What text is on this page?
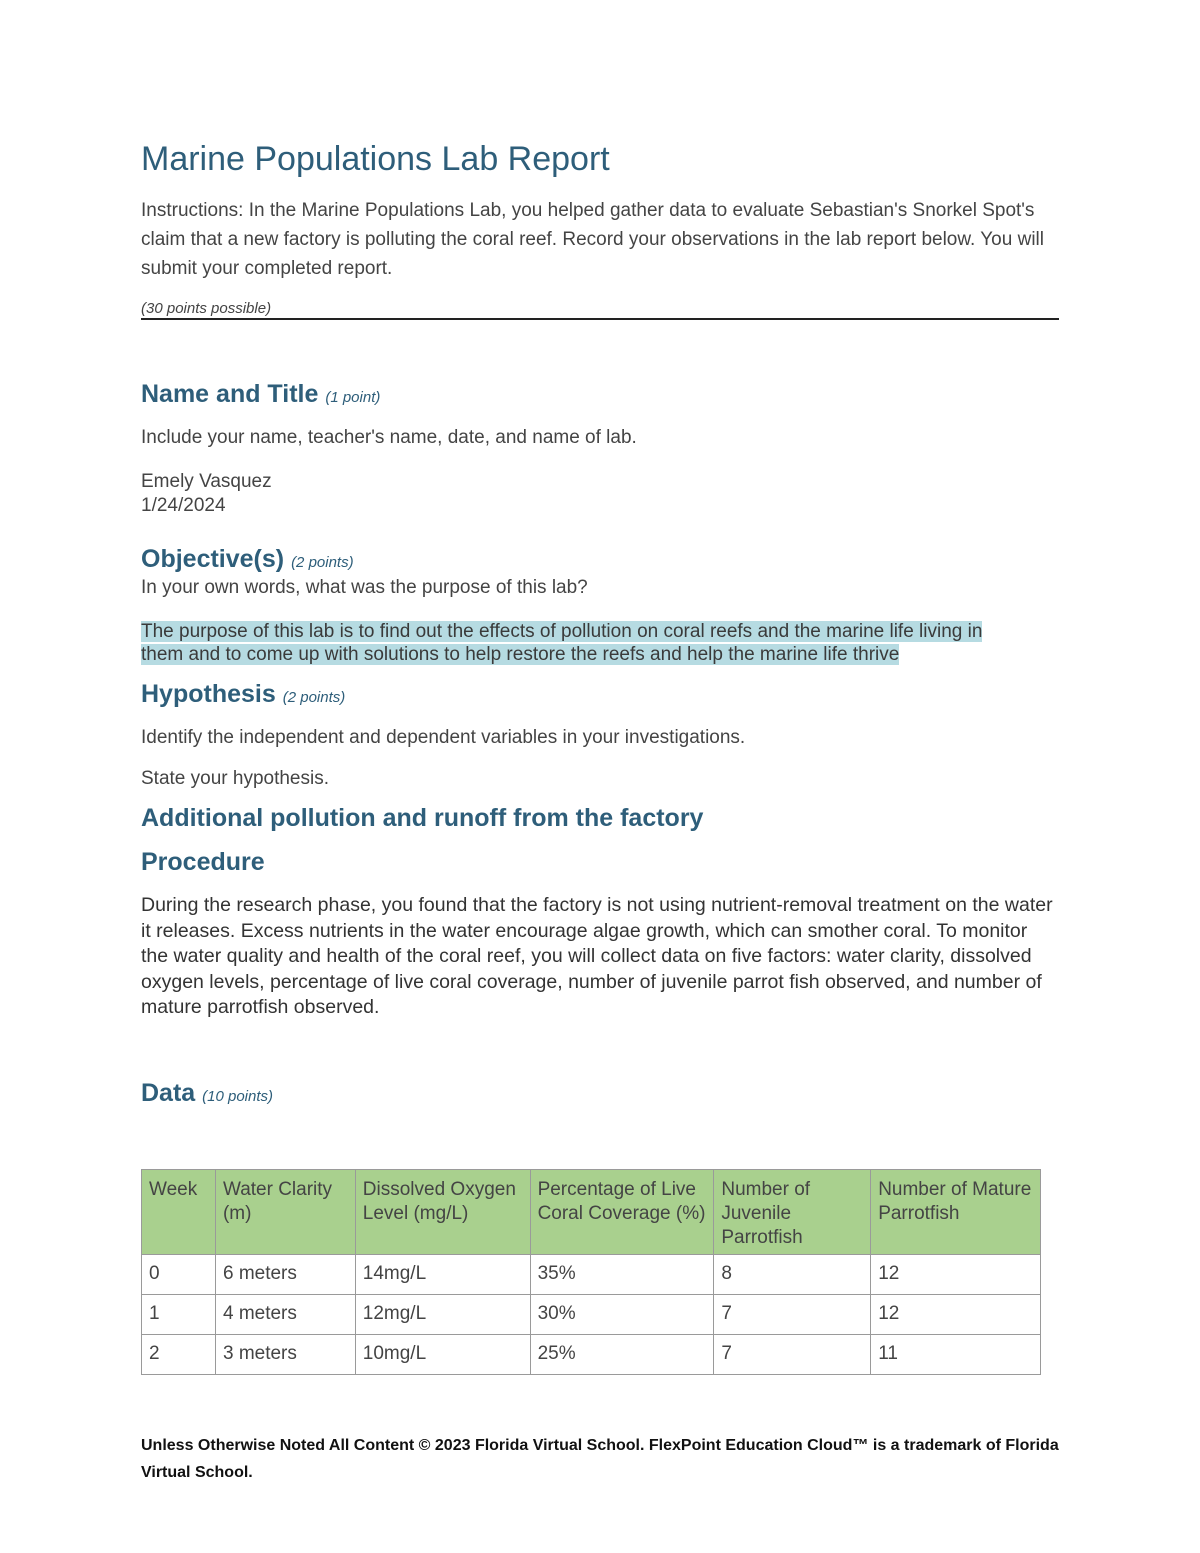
Marine Populations Lab Report

Instructions: In the Marine Populations Lab, you helped gather data to evaluate Sebastian's Snorkel Spot's claim that a new factory is polluting the coral reef. Record your observations in the lab report below. You will submit your completed report.

(30 points possible)
Name and Title (1 point)

Include your name, teacher's name, date, and name of lab.

Emely Vasquez

1/24/2024

Objective(s) (2 points)

In your own words, what was the purpose of this lab?

The purpose of this lab is to find out the effects of pollution on coral reefs and the marine life living in
them and to come up with solutions to help restore the reefs and help the marine life thrive

Hypothesis (2 points)

Identify the independent and dependent variables in your investigations.

State your hypothesis.

Additional pollution and runoff from the factory
Procedure

During the research phase, you found that the factory is not using nutrient-removal treatment on the water it releases. Excess nutrients in the water encourage algae growth, which can smother coral. To monitor the water quality and health of the coral reef, you will collect data on five factors: water clarity, dissolved oxygen levels, percentage of live coral coverage, number of juvenile parrot fish observed, and number of mature parrotfish observed.

Data (10 points)
Week	Water Clarity (m)	Dissolved Oxygen Level (mg/L)	Percentage of Live Coral Coverage (%)	Number of Juvenile Parrotfish	Number of Mature Parrotfish
0	6 meters	14mg/L	35%	8	12
1	4 meters	12mg/L	30%	7	12
2	3 meters	10mg/L	25%	7	11
Unless Otherwise Noted All Content © 2023 Florida Virtual School. FlexPoint Education Cloud™ is a trademark of Florida Virtual School.
